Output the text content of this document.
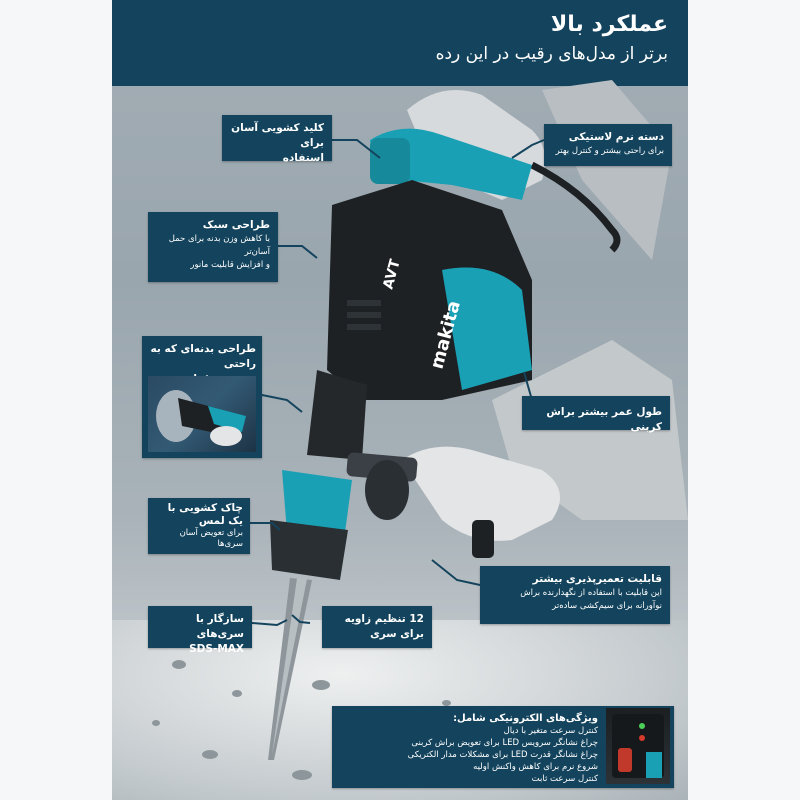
عملکرد بالا
برتر از مدل‌های رقیب در این رده
AVT
makita
کلید کشویی آسان برای
استفاده
دسته نرم لاستیکی
برای راحتی بیشتر و کنترل بهتر
طراحی سبک
با کاهش وزن بدنه برای حمل آسان‌تر
و افزایش قابلیت مانور
طراحی بدنه‌ای که به راحتی
طول عمر بیشتر براش کربنی
چاک کشویی با
یک لمس
برای تعویض آسان
سری‌ها
قابلیت تعمیرپذیری بیشتر
این قابلیت با استفاده از نگهدارنده براش
نوآورانه برای سیم‌کشی ساده‌تر
سازگار با سری‌های
SDS-MAX
12 تنظیم زاویه
برای سری
ویژگی‌های الکترونیکی شامل:
کنترل سرعت متغیر با دیال
چراغ نشانگر سرویس LED برای تعویض براش کربنی
چراغ نشانگر قدرت LED برای مشکلات مدار الکتریکی
شروع نرم برای کاهش واکنش اولیه
کنترل سرعت ثابت
